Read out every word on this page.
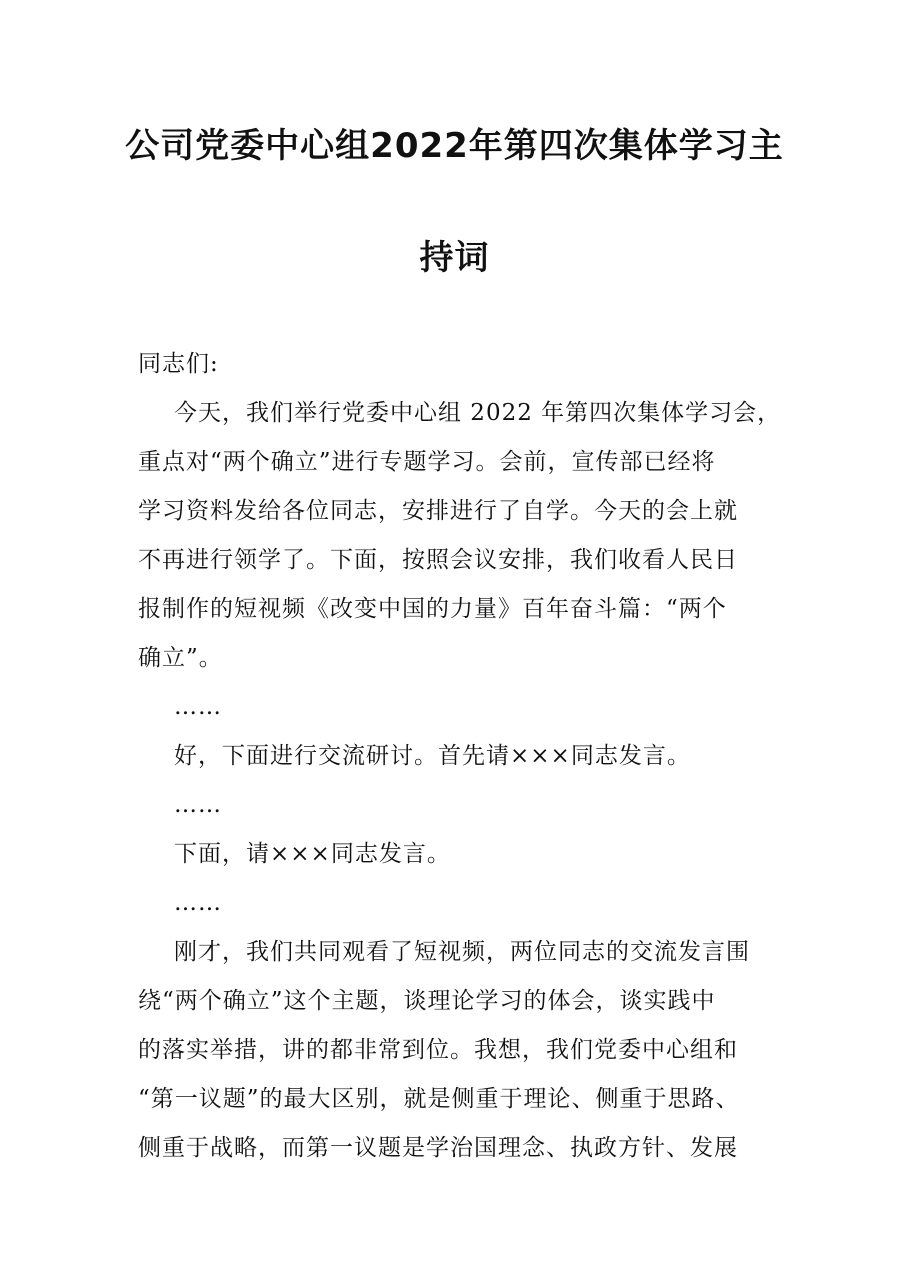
公司党委中心组2022年第四次集体学习主
持词

同志们:

今天，我们举行党委中心组 2022 年第四次集体学习会，

重点对“两个确立”进行专题学习。会前，宣传部已经将

学习资料发给各位同志，安排进行了自学。今天的会上就

不再进行领学了。下面，按照会议安排，我们收看人民日

报制作的短视频《改变中国的力量》百年奋斗篇：“两个

确立”。

……

好，下面进行交流研讨。首先请×××同志发言。

……

下面，请×××同志发言。

……

刚才，我们共同观看了短视频，两位同志的交流发言围

绕“两个确立”这个主题，谈理论学习的体会，谈实践中

的落实举措，讲的都非常到位。我想，我们党委中心组和

“第一议题”的最大区别，就是侧重于理论、侧重于思路、

侧重于战略，而第一议题是学治国理念、执政方针、发展
